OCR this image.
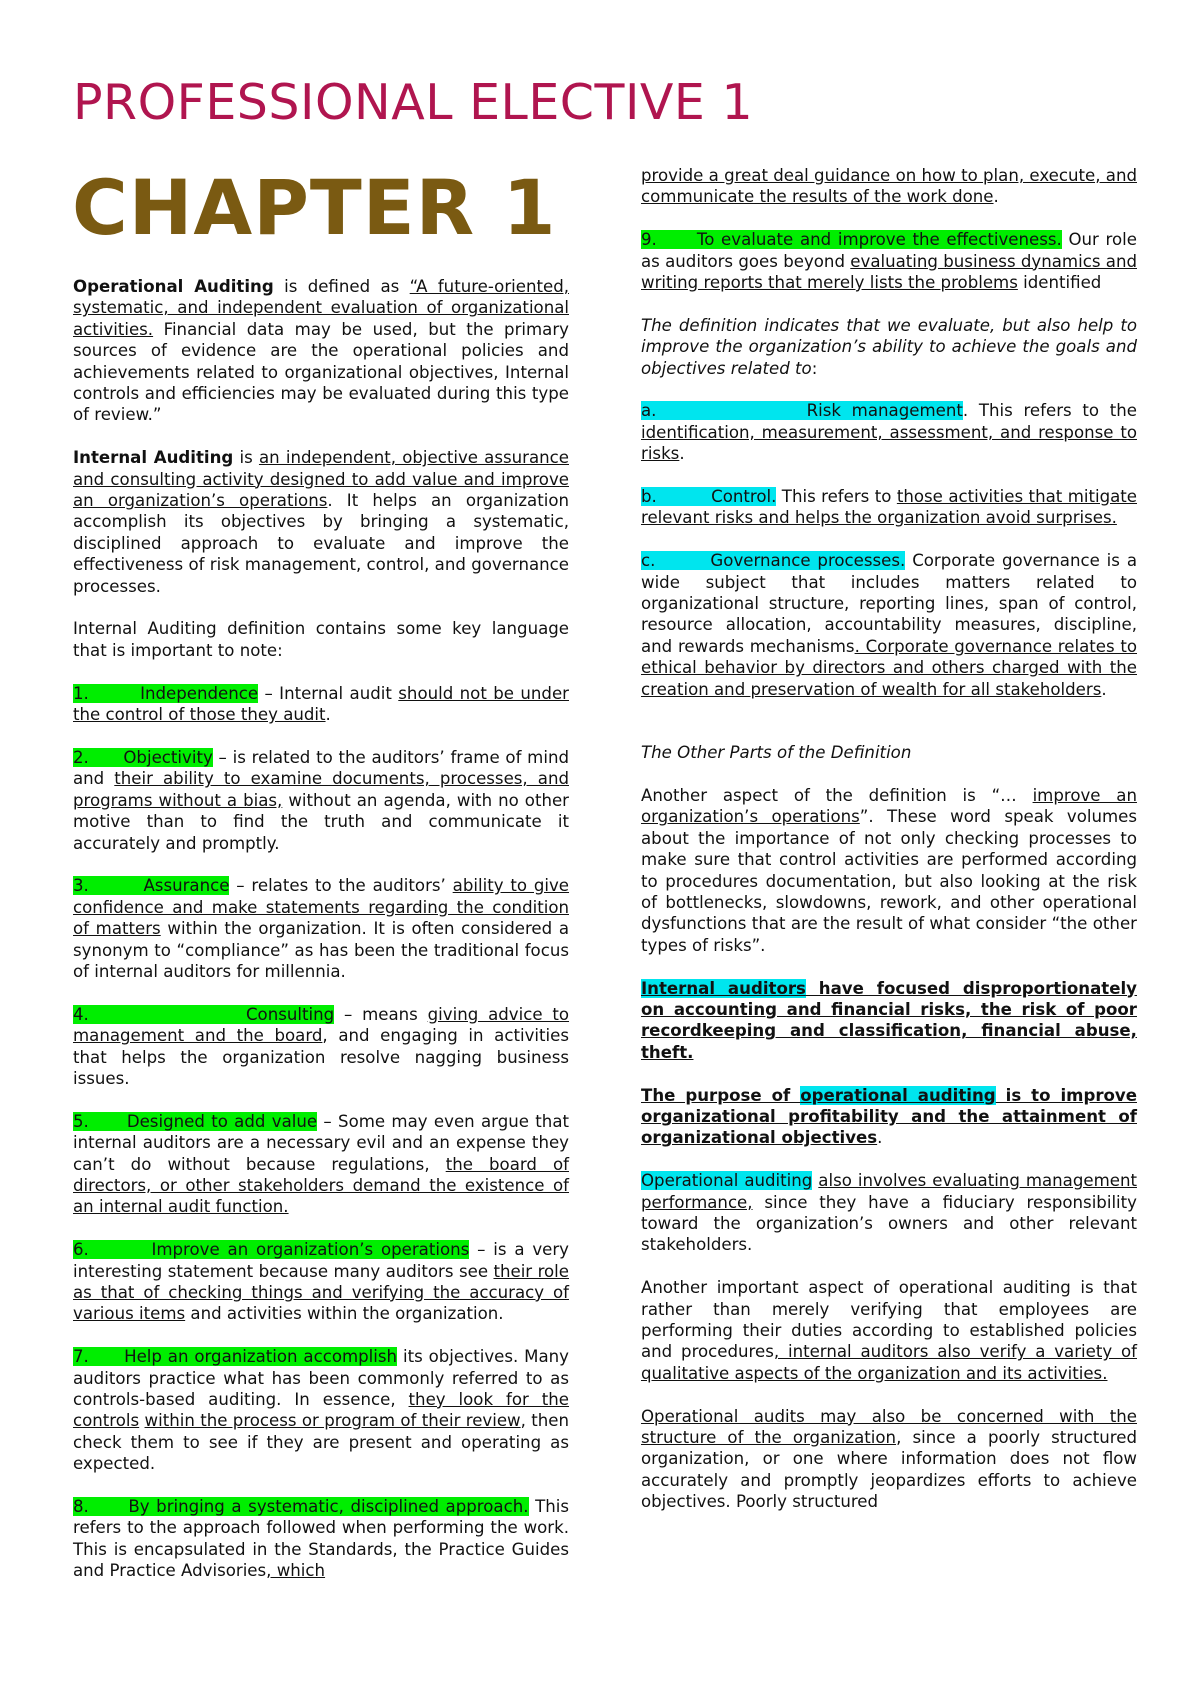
PROFESSIONAL ELECTIVE 1
CHAPTER 1

Operational Auditing is defined as “A future-oriented, systematic, and independent evaluation of organizational activities. Financial data may be used, but the primary sources of evidence are the operational policies and achievements related to organizational objectives, Internal controls and efficiencies may be evaluated during this type of review.”

Internal Auditing is an independent, objective assurance and consulting activity designed to add value and improve an organization’s operations. It helps an organization accomplish its objectives by bringing a systematic, disciplined approach to evaluate and improve the effectiveness of risk management, control, and governance processes.

Internal Auditing definition contains some key language that is important to note:

1.        Independence – Internal audit should not be under the control of those they audit.

2.      Objectivity – is related to the auditors’ frame of mind and their ability to examine documents, processes, and programs without a bias, without an agenda, with no other motive than to find the truth and communicate it accurately and promptly.

3.        Assurance – relates to the auditors’ ability to give confidence and make statements regarding the condition of matters within the organization. It is often considered a synonym to “compliance” as has been the traditional focus of internal auditors for millennia.

4.                Consulting – means giving advice to management and the board, and engaging in activities that helps the organization resolve nagging business issues.

5.      Designed to add value – Some may even argue that internal auditors are a necessary evil and an expense they can’t do without because regulations, the board of directors, or other stakeholders demand the existence of an internal audit function.

6.        Improve an organization’s operations – is a very interesting statement because many auditors see their role as that of checking things and verifying the accuracy of various items and activities within the organization.

7.      Help an organization accomplish its objectives. Many auditors practice what has been commonly referred to as controls-based auditing. In essence, they look for the controls within the process or program of their review, then check them to see if they are present and operating as expected.

8.      By bringing a systematic, disciplined approach. This refers to the approach followed when performing the work. This is encapsulated in the Standards, the Practice Guides and Practice Advisories, which

provide a great deal guidance on how to plan, execute, and communicate the results of the work done.

9.      To evaluate and improve the effectiveness. Our role as auditors goes beyond evaluating business dynamics and writing reports that merely lists the problems identified

The definition indicates that we evaluate, but also help to improve the organization’s ability to achieve the goals and objectives related to:

a.              Risk management. This refers to the identification, measurement, assessment, and response to risks.

b.          Control. This refers to those activities that mitigate relevant risks and helps the organization avoid surprises.

c.        Governance processes. Corporate governance is a wide subject that includes matters related to organizational structure, reporting lines, span of control, resource allocation, accountability measures, discipline, and rewards mechanisms. Corporate governance relates to ethical behavior by directors and others charged with the creation and preservation of wealth for all stakeholders.

The Other Parts of the Definition

Another aspect of the definition is “… improve an organization’s operations”. These word speak volumes about the importance of not only checking processes to make sure that control activities are performed according to procedures documentation, but also looking at the risk of bottlenecks, slowdowns, rework, and other operational dysfunctions that are the result of what consider “the other types of risks”.

Internal auditors have focused disproportionately on accounting and financial risks, the risk of poor recordkeeping and classification, financial abuse, theft.

The purpose of operational auditing is to improve organizational profitability and the attainment of organizational objectives.

Operational auditing also involves evaluating management performance, since they have a fiduciary responsibility toward the organization’s owners and other relevant stakeholders.

Another important aspect of operational auditing is that rather than merely verifying that employees are performing their duties according to established policies and procedures, internal auditors also verify a variety of qualitative aspects of the organization and its activities.

Operational audits may also be concerned with the structure of the organization, since a poorly structured organization, or one where information does not flow accurately and promptly jeopardizes efforts to achieve objectives. Poorly structured
